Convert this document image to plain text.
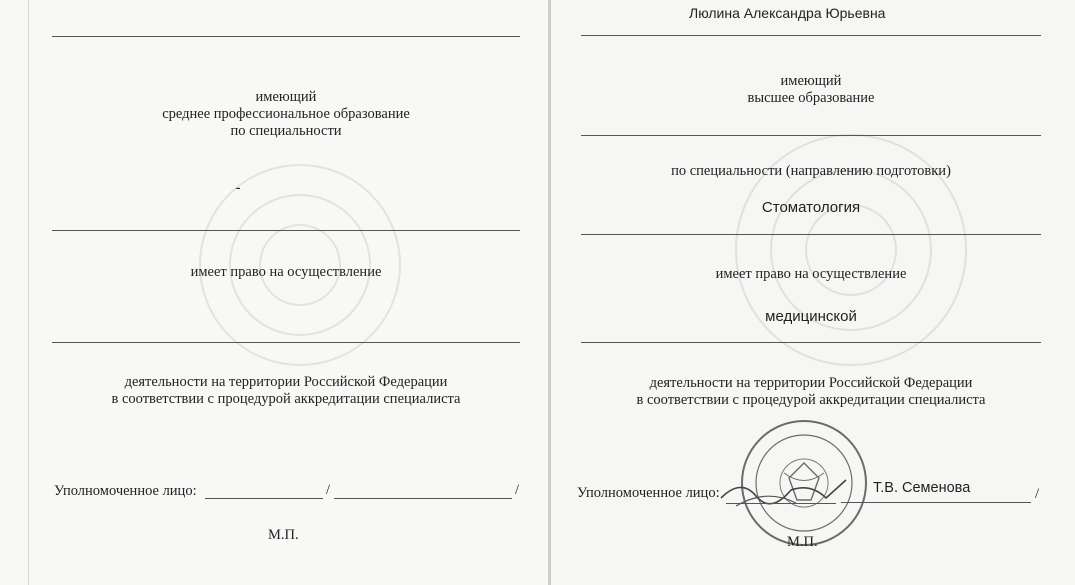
имеющий
среднее профессиональное образование
по специальности
-
имеет право на осуществление
деятельности на территории Российской Федерации
в соответствии с процедурой аккредитации специалиста
Уполномоченное лицо:	/	/
М.П.
Люлина Александра Юрьевна
имеющий
высшее образование
по специальности (направлению подготовки)
Стоматология
имеет право на осуществление
медицинской
деятельности на территории Российской Федерации
в соответствии с процедурой аккредитации специалиста
Уполномоченное лицо:	Т.В. Семенова	/
М.П.
